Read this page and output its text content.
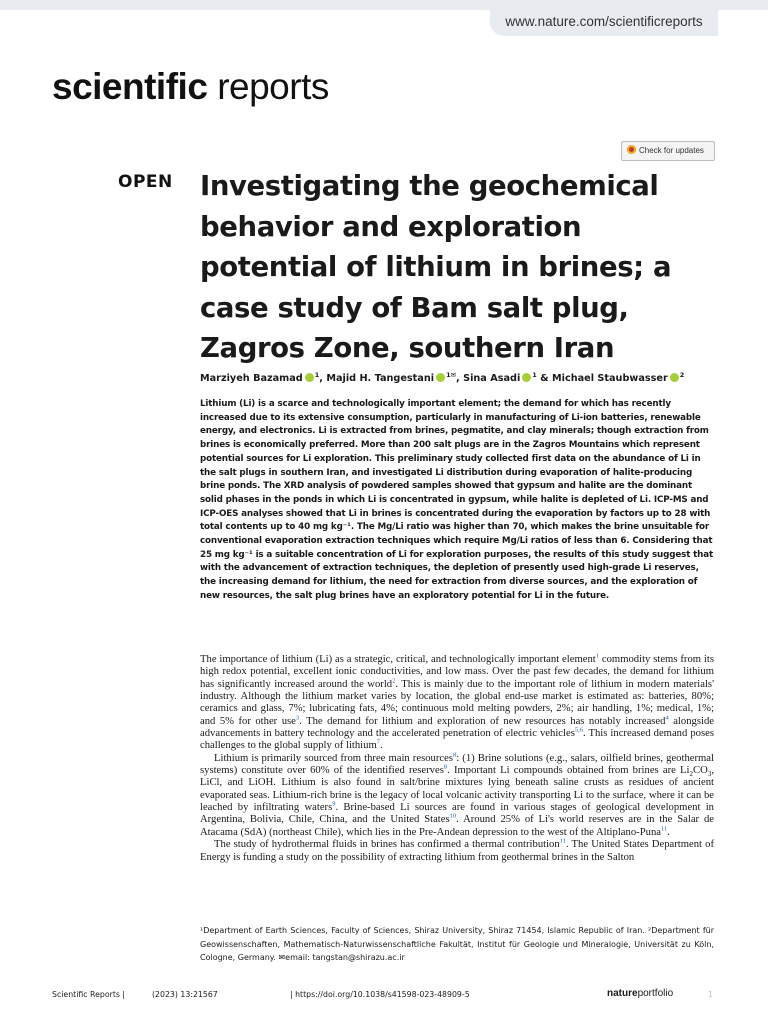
www.nature.com/scientificreports
scientific reports
Check for updates
OPEN Investigating the geochemical behavior and exploration potential of lithium in brines; a case study of Bam salt plug, Zagros Zone, southern Iran
Marziyeh Bazamad $^1$, Majid H. Tangestani $^{1✉}$, Sina Asadi $^1$ & Michael Staubwasser $^2$

Lithium (Li) is a scarce and technologically important element; the demand for which has recently increased due to its extensive consumption, particularly in manufacturing of Li-ion batteries, renewable energy, and electronics. Li is extracted from brines, pegmatite, and clay minerals; though extraction from brines is economically preferred. More than 200 salt plugs are in the Zagros Mountains which represent potential sources for Li exploration. This preliminary study collected first data on the abundance of Li in the salt plugs in southern Iran, and investigated Li distribution during evaporation of halite-producing brine ponds. The XRD analysis of powdered samples showed that gypsum and halite are the dominant solid phases in the ponds in which Li is concentrated in gypsum, while halite is depleted of Li. ICP-MS and ICP-OES analyses showed that Li in brines is concentrated during the evaporation by factors up to 28 with total contents up to 40 mg kg⁻¹. The Mg/Li ratio was higher than 70, which makes the brine unsuitable for conventional evaporation extraction techniques which require Mg/Li ratios of less than 6. Considering that 25 mg kg⁻¹ is a suitable concentration of Li for exploration purposes, the results of this study suggest that with the advancement of extraction techniques, the depletion of presently used high-grade Li reserves, the increasing demand for lithium, the need for extraction from diverse sources, and the exploration of new resources, the salt plug brines have an exploratory potential for Li in the future.

The importance of lithium (Li) as a strategic, critical, and technologically important element$^1$ commodity stems from its high redox potential, excellent ionic conductivities, and low mass. Over the past few decades, the demand for lithium has significantly increased around the world$^2$. This is mainly due to the important role of lithium in modern materials' industry. Although the lithium market varies by location, the global end-use market is estimated as: batteries, 80%; ceramics and glass, 7%; lubricating fats, 4%; continuous mold melting powders, 2%; air handling, 1%; medical, 1%; and 5% for other use$^3$. The demand for lithium and exploration of new resources has notably increased$^4$ alongside advancements in battery technology and the accelerated penetration of electric vehicles$^{5,6}$. This increased demand poses challenges to the global supply of lithium$^7$.

Lithium is primarily sourced from three main resources$^8$: (1) Brine solutions (e.g., salars, oilfield brines, geothermal systems) constitute over 60% of the identified reserves$^8$. Important Li compounds obtained from brines are $Li_2CO_3$, LiCl, and LiOH. Lithium is also found in salt/brine mixtures lying beneath saline crusts as residues of ancient evaporated seas. Lithium-rich brine is the legacy of local volcanic activity transporting Li to the surface, where it can be leached by infiltrating waters$^9$. Brine-based Li sources are found in various stages of geological development in Argentina, Bolivia, Chile, China, and the United States$^{10}$. Around 25% of Li's world reserves are in the Salar de Atacama (SdA) (northeast Chile), which lies in the Pre-Andean depression to the west of the Altiplano-Puna$^{11}$.

The study of hydrothermal fluids in brines has confirmed a thermal contribution$^{11}$. The United States Department of Energy is funding a study on the possibility of extracting lithium from geothermal brines in the Salton

¹Department of Earth Sciences, Faculty of Sciences, Shiraz University, Shiraz 71454, Islamic Republic of Iran. ²Department für Geowissenschaften, Mathematisch-Naturwissenschaftliche Fakultät, Institut für Geologie und Mineralogie, Universität zu Köln, Cologne, Germany. ✉email: tangstan@shirazu.ac.ir

Scientific Reports |	(2023) 13:21567	| https://doi.org/10.1038/s41598-023-48909-5	natureportfolio	1
